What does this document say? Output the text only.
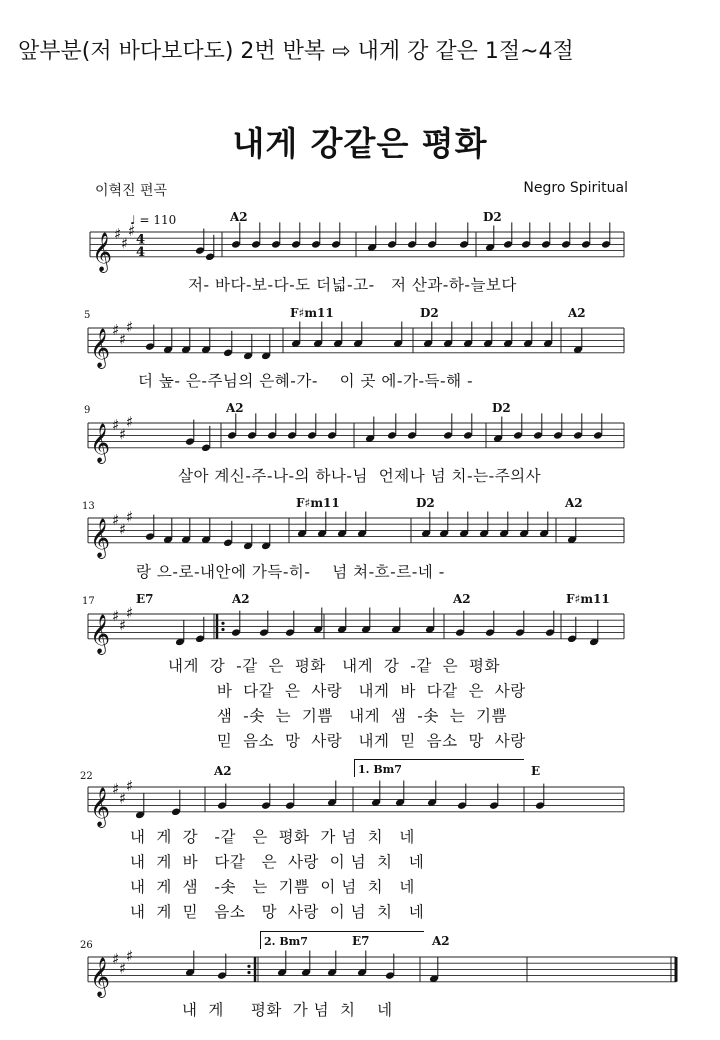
앞부분(저 바다보다도) 2번 반복 ⇨ 내게 강 같은 1절~4절
내게 강같은 평화
이혁진 편곡	Negro Spiritual
𝄞 ♯
♯
♯ 4
4
𝄞 ♯
♯
♯
𝄞 ♯
♯
♯
𝄞 ♯
♯
♯
𝄞 ♯
♯
♯
𝄞 ♯
♯
♯
𝄞 ♯
♯
♯
♩ = 110	A2	D2
저- 바다-보-다-도 더넓-고-   저 산과-하-늘보다
5	F♯m11	D2	A2
더 높- 은-주님의 은혜-가-    이 곳 에-가-득-해 -
9	A2	D2
살아 계신-주-나-의 하나-님  언제나 넘 치-는-주의사
13	F♯m11	D2	A2
랑 으-로-내안에 가득-히-    넘 쳐-흐-르-네 -
17	E7	A2	A2	F♯m11
내게  강  -같  은  평화   내게  강  -같  은  평화
바  다같  은  사랑   내게  바  다같  은  사랑
샘  -솟  는  기쁨   내게  샘  -솟  는  기쁨
믿  음소  망  사랑   내게  믿  음소  망  사랑
22	A2	1. Bm7	E
내  게  강   -같   은  평화  가 넘  치   네
내  게  바   다같   은  사랑  이 넘  치   네
내  게  샘   -솟   는  기쁨  이 넘  치   네
내  게  믿   음소   망  사랑  이 넘  치   네
26	2. Bm7	E7	A2
내  게     평화  가 넘  치    네
